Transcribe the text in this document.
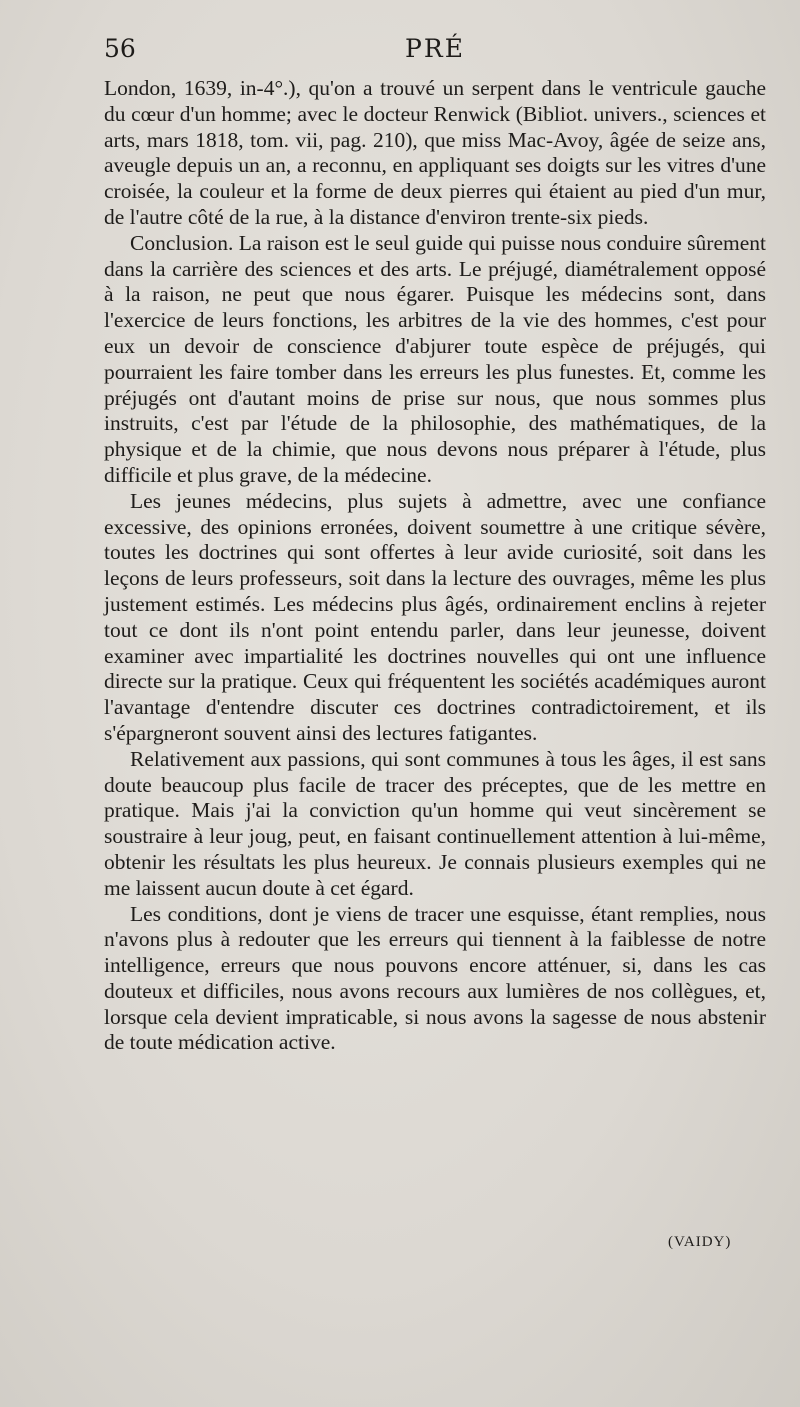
56	PRÉ

London, 1639, in-4°.), qu'on a trouvé un serpent dans le ventricule gauche du cœur d'un homme; avec le docteur Renwick (Bibliot. univers., sciences et arts, mars 1818, tom. vii, pag. 210), que miss Mac-Avoy, âgée de seize ans, aveugle depuis un an, a reconnu, en appliquant ses doigts sur les vitres d'une croisée, la couleur et la forme de deux pierres qui étaient au pied d'un mur, de l'autre côté de la rue, à la distance d'environ trente-six pieds.

Conclusion. La raison est le seul guide qui puisse nous conduire sûrement dans la carrière des sciences et des arts. Le préjugé, diamétralement opposé à la raison, ne peut que nous égarer. Puisque les médecins sont, dans l'exercice de leurs fonctions, les arbitres de la vie des hommes, c'est pour eux un devoir de conscience d'abjurer toute espèce de préjugés, qui pourraient les faire tomber dans les erreurs les plus funestes. Et, comme les préjugés ont d'autant moins de prise sur nous, que nous sommes plus instruits, c'est par l'étude de la philosophie, des mathématiques, de la physique et de la chimie, que nous devons nous préparer à l'étude, plus difficile et plus grave, de la médecine.

Les jeunes médecins, plus sujets à admettre, avec une confiance excessive, des opinions erronées, doivent soumettre à une critique sévère, toutes les doctrines qui sont offertes à leur avide curiosité, soit dans les leçons de leurs professeurs, soit dans la lecture des ouvrages, même les plus justement estimés. Les médecins plus âgés, ordinairement enclins à rejeter tout ce dont ils n'ont point entendu parler, dans leur jeunesse, doivent examiner avec impartialité les doctrines nouvelles qui ont une influence directe sur la pratique. Ceux qui fréquentent les sociétés académiques auront l'avantage d'entendre discuter ces doctrines contradictoirement, et ils s'épargneront souvent ainsi des lectures fatigantes.

Relativement aux passions, qui sont communes à tous les âges, il est sans doute beaucoup plus facile de tracer des préceptes, que de les mettre en pratique. Mais j'ai la conviction qu'un homme qui veut sincèrement se soustraire à leur joug, peut, en faisant continuellement attention à lui-même, obtenir les résultats les plus heureux. Je connais plusieurs exemples qui ne me laissent aucun doute à cet égard.

Les conditions, dont je viens de tracer une esquisse, étant remplies, nous n'avons plus à redouter que les erreurs qui tiennent à la faiblesse de notre intelligence, erreurs que nous pouvons encore atténuer, si, dans les cas douteux et difficiles, nous avons recours aux lumières de nos collègues, et, lorsque cela devient impraticable, si nous avons la sagesse de nous abstenir de toute médication active.

(VAIDY)
